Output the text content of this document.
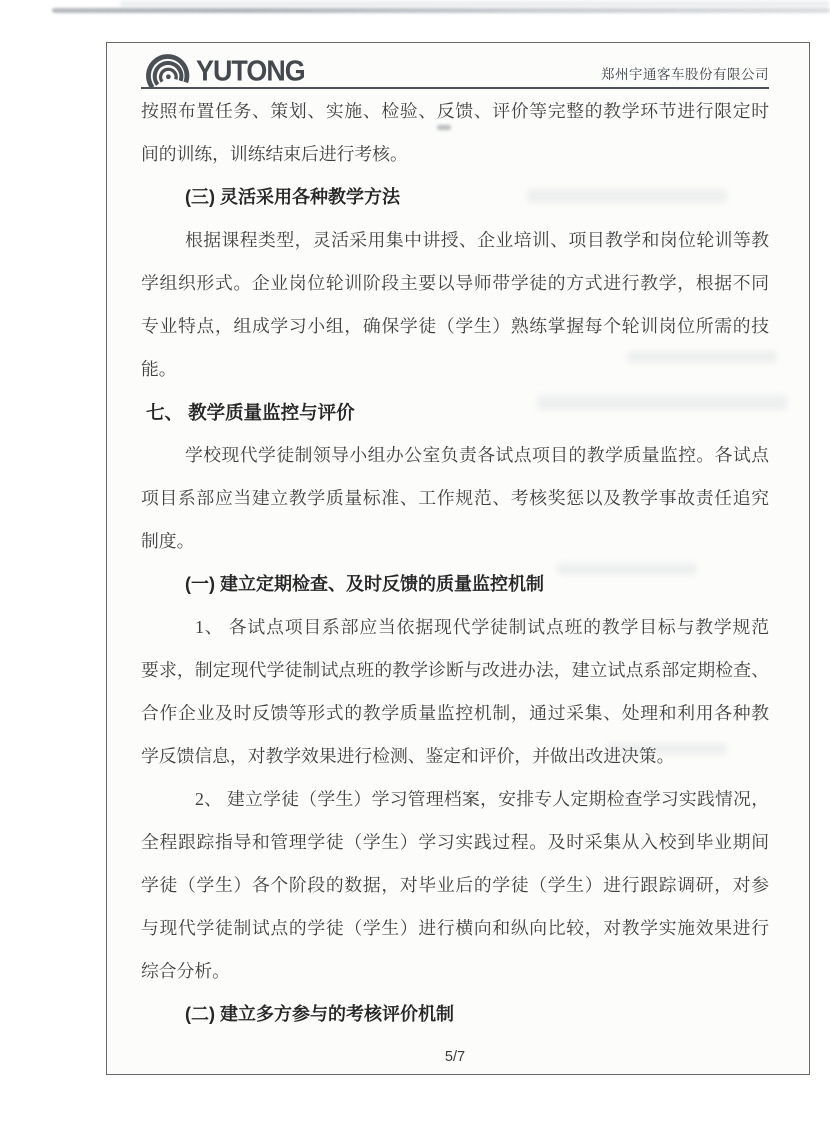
YUTONG	郑州宇通客车股份有限公司
按照布置任务、策划、实施、检验、反馈、评价等完整的教学环节进行限定时
间的训练，训练结束后进行考核。
(三) 灵活采用各种教学方法
根据课程类型，灵活采用集中讲授、企业培训、项目教学和岗位轮训等教
学组织形式。企业岗位轮训阶段主要以导师带学徒的方式进行教学，根据不同
专业特点，组成学习小组，确保学徒（学生）熟练掌握每个轮训岗位所需的技
能。
七、 教学质量监控与评价
学校现代学徒制领导小组办公室负责各试点项目的教学质量监控。各试点
项目系部应当建立教学质量标准、工作规范、考核奖惩以及教学事故责任追究
制度。
(一) 建立定期检查、及时反馈的质量监控机制
1、 各试点项目系部应当依据现代学徒制试点班的教学目标与教学规范
要求，制定现代学徒制试点班的教学诊断与改进办法，建立试点系部定期检查、
合作企业及时反馈等形式的教学质量监控机制，通过采集、处理和利用各种教
学反馈信息，对教学效果进行检测、鉴定和评价，并做出改进决策。
2、 建立学徒（学生）学习管理档案，安排专人定期检查学习实践情况，
全程跟踪指导和管理学徒（学生）学习实践过程。及时采集从入校到毕业期间
学徒（学生）各个阶段的数据，对毕业后的学徒（学生）进行跟踪调研，对参
与现代学徒制试点的学徒（学生）进行横向和纵向比较，对教学实施效果进行
综合分析。
(二) 建立多方参与的考核评价机制
5/7
